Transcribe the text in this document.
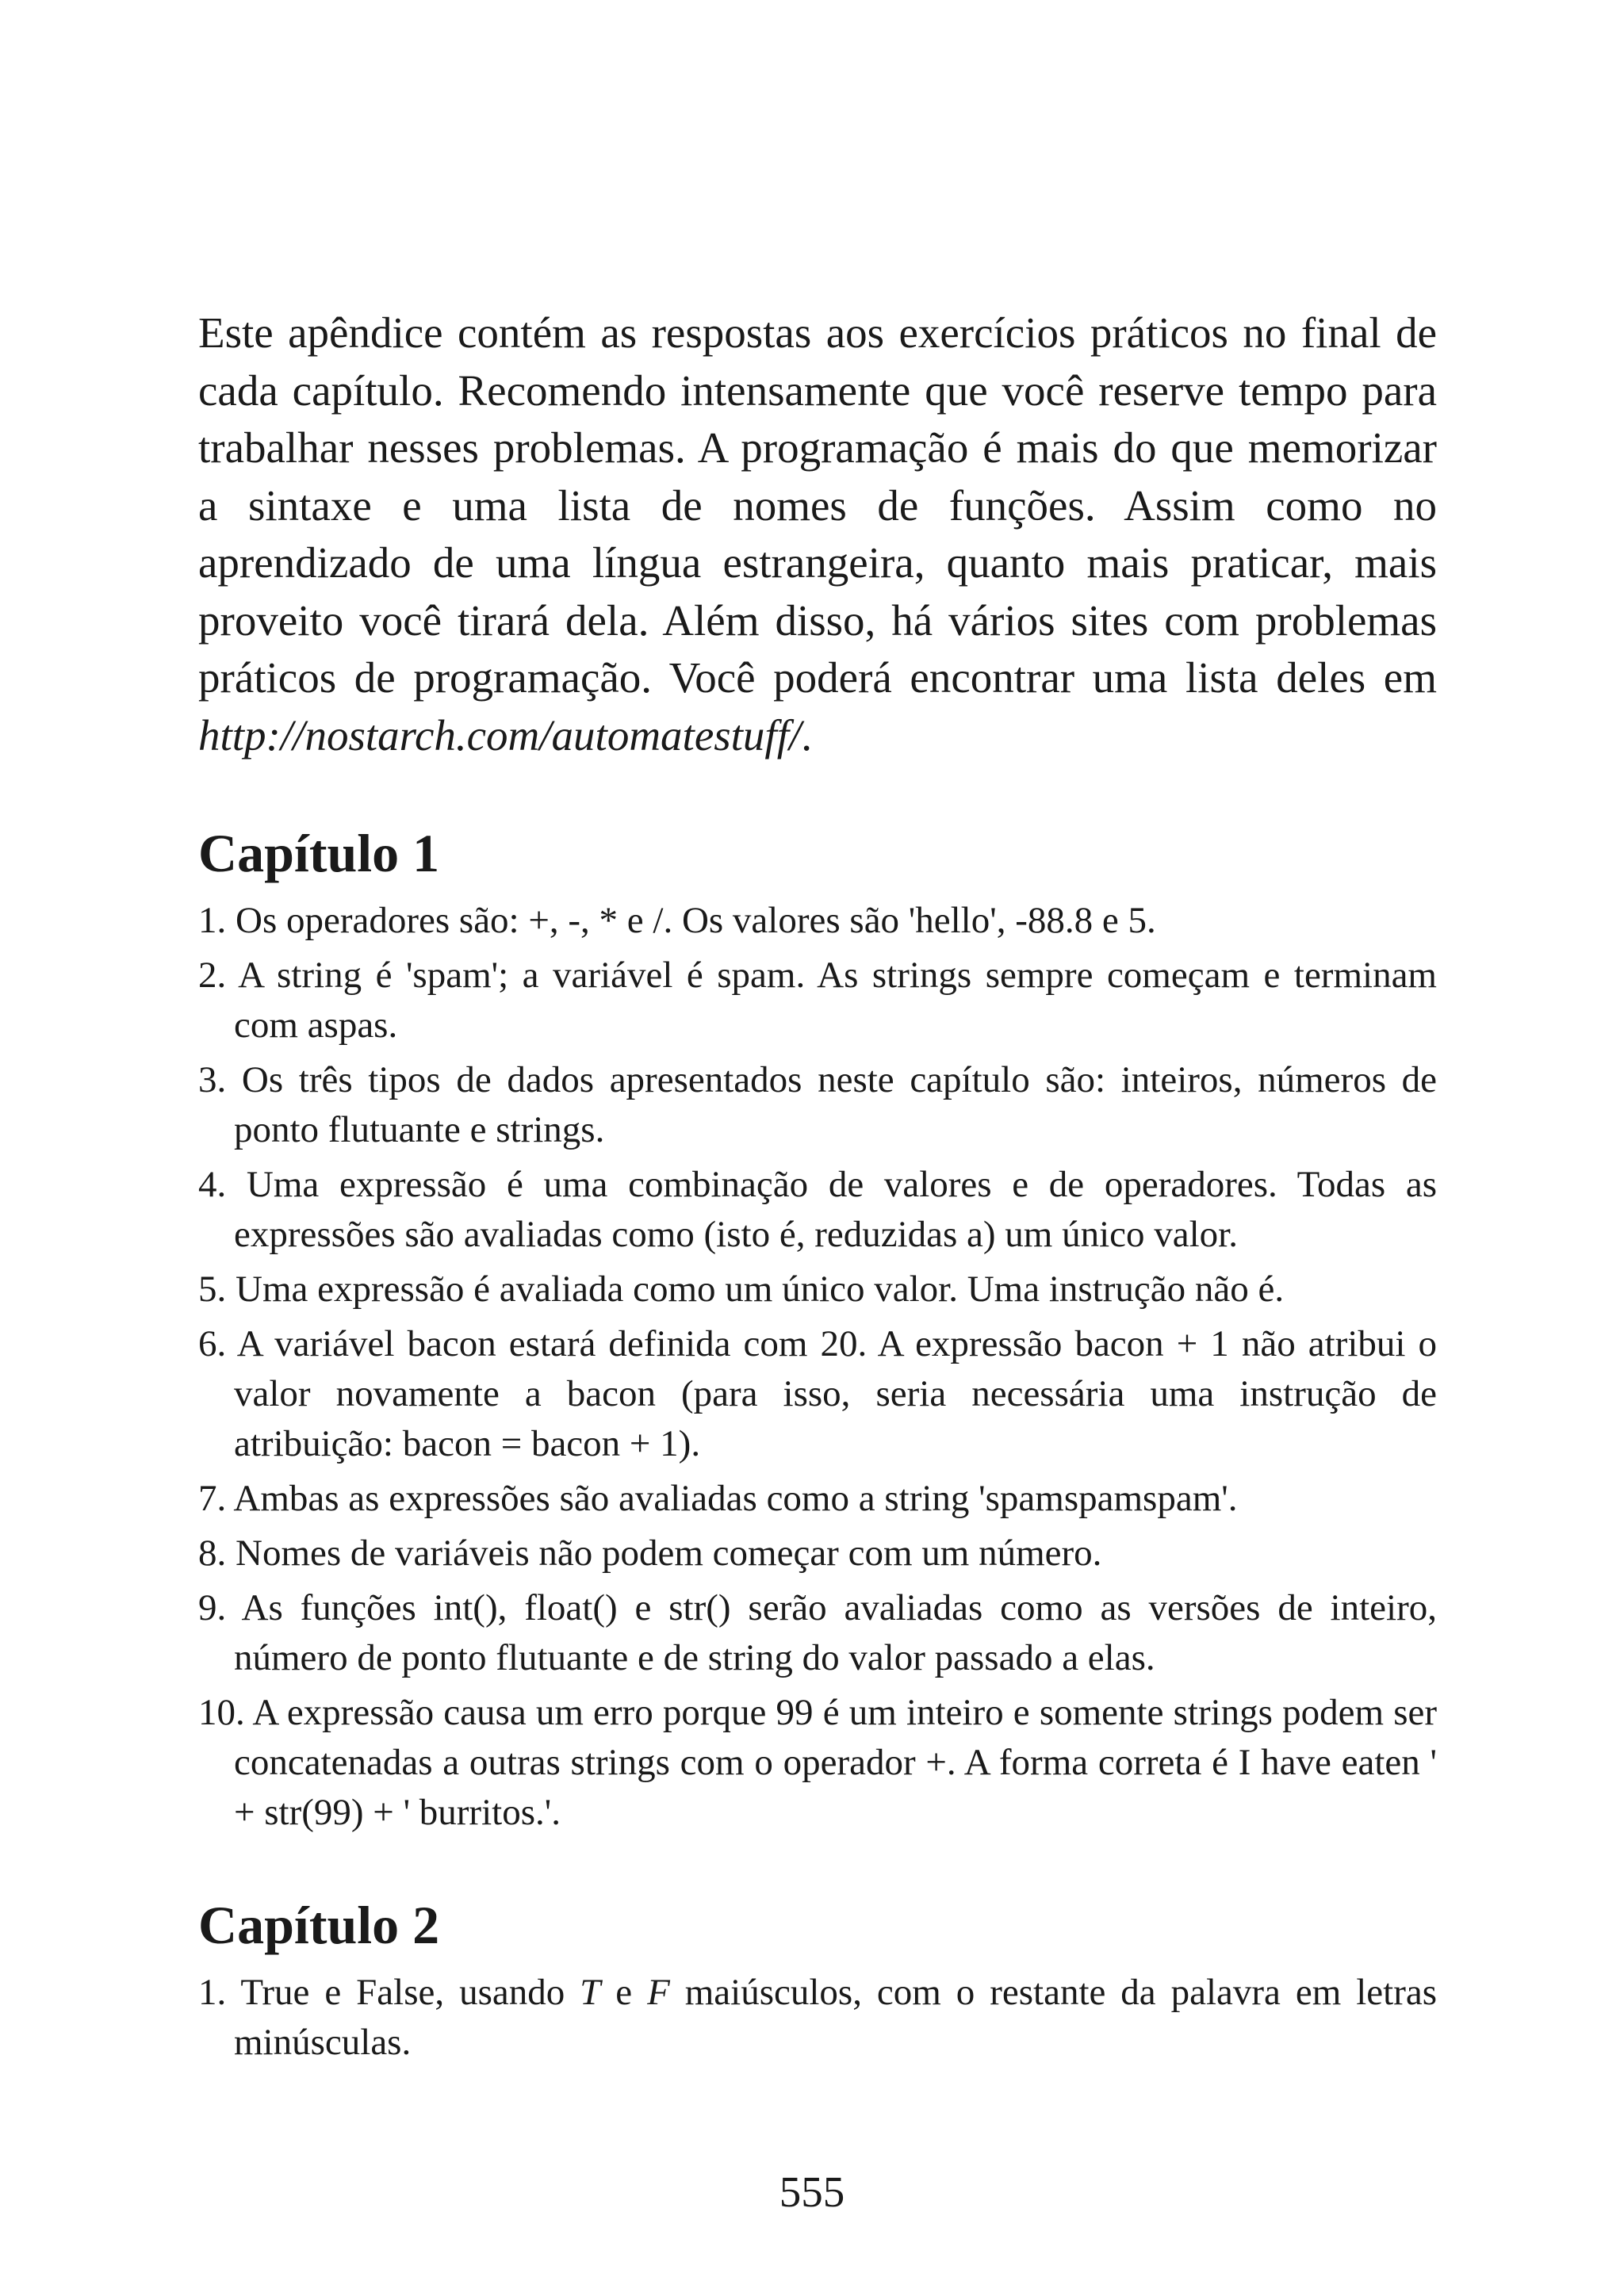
Este apêndice contém as respostas aos exercícios práticos no final de cada capítulo. Recomendo intensamente que você reserve tempo para trabalhar nesses problemas. A programação é mais do que memorizar a sintaxe e uma lista de nomes de funções. Assim como no aprendizado de uma língua estrangeira, quanto mais praticar, mais proveito você tirará dela. Além disso, há vários sites com problemas práticos de programação. Você poderá encontrar uma lista deles em http://nostarch.com/automatestuff/.

Capítulo 1
1. Os operadores são: +, -, * e /. Os valores são 'hello', -88.8 e 5.
2. A string é 'spam'; a variável é spam. As strings sempre começam e terminam com aspas.
3. Os três tipos de dados apresentados neste capítulo são: inteiros, números de ponto flutuante e strings.
4. Uma expressão é uma combinação de valores e de operadores. Todas as expressões são avaliadas como (isto é, reduzidas a) um único valor.
5. Uma expressão é avaliada como um único valor. Uma instrução não é.
6. A variável bacon estará definida com 20. A expressão bacon + 1 não atribui o valor novamente a bacon (para isso, seria necessária uma instrução de atribuição: bacon = bacon + 1).
7. Ambas as expressões são avaliadas como a string 'spamspamspam'.
8. Nomes de variáveis não podem começar com um número.
9. As funções int(), float() e str() serão avaliadas como as versões de inteiro, número de ponto flutuante e de string do valor passado a elas.
10. A expressão causa um erro porque 99 é um inteiro e somente strings podem ser concatenadas a outras strings com o operador +. A forma correta é I have eaten ' + str(99) + ' burritos.'.
Capítulo 2
1. True e False, usando T e F maiúsculos, com o restante da palavra em letras minúsculas.
555
